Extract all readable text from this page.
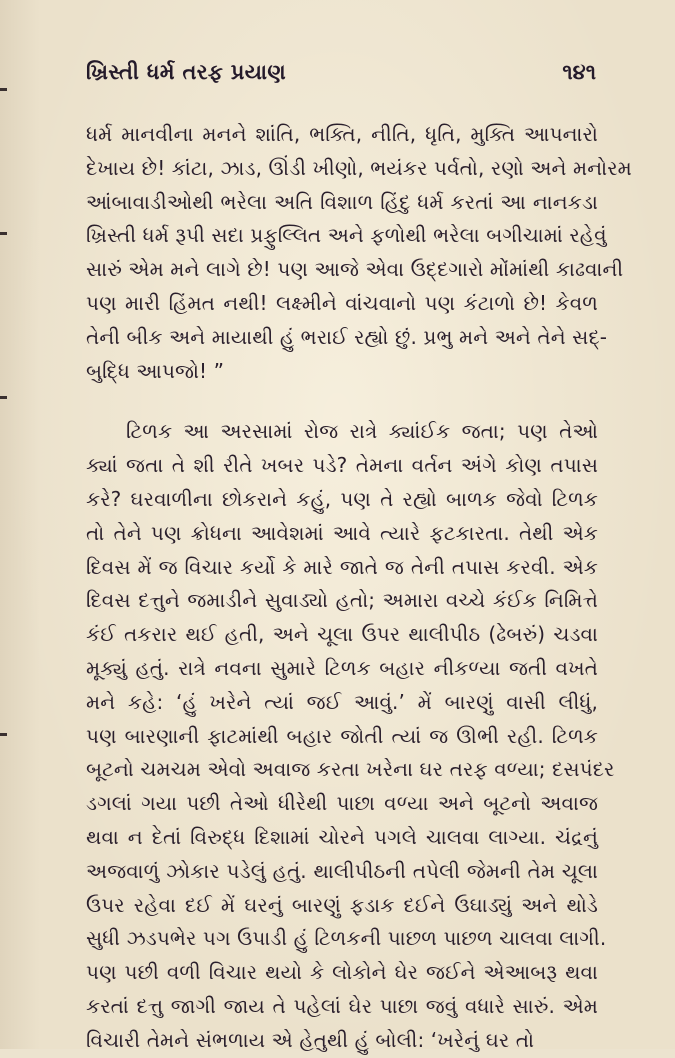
ખ્રિસ્તી ધર્મ તરફ પ્રયાણ	૧૪૧
ધર્મ માનવીના મનને શાંતિ, ભક્તિ, નીતિ, ધૃતિ, મુક્તિ આપનારો
દેખાય છે! કાંટા, ઝાડ, ઊંડી ખીણો, ભયંકર પર્વતો, રણો અને મનોરમ
આંબાવાડીઓથી ભરેલા અતિ વિશાળ હિંદુ ધર્મ કરતાં આ નાનકડા
ખ્રિસ્તી ધર્મ રૂપી સદા પ્રફુલ્લિત અને ફળોથી ભરેલા બગીચામાં રહેવું
સારું એમ મને લાગે છે! પણ આજે એવા ઉદ્દગારો મોંમાંથી કાઢવાની
પણ મારી હિંમત નથી! લક્ષ્મીને વાંચવાનો પણ કંટાળો છે! કેવળ
તેની બીક અને માયાથી હું ભરાઈ રહ્યો છું. પ્રભુ મને અને તેને સદ્-
બુદ્ધિ આપજો! ”
ટિળક આ અરસામાં રોજ રાત્રે ક્યાંઈક જતા; પણ તેઓ
ક્યાં જતા તે શી રીતે ખબર પડે? તેમના વર્તન અંગે કોણ તપાસ
કરે? ઘરવાળીના છોકરાને કહું, પણ તે રહ્યો બાળક જેવો ટિળક
તો તેને પણ ક્રોધના આવેશમાં આવે ત્યારે ફટકારતા. તેથી એક
દિવસ મેં જ વિચાર કર્યો કે મારે જાતે જ તેની તપાસ કરવી. એક
દિવસ દત્તુને જમાડીને સુવાડ્યો હતો; અમારા વચ્ચે કંઈક નિમિત્તે
કંઈ તકરાર થઈ હતી, અને ચૂલા ઉપર થાલીપીઠ (ઢેબરું) ચડવા
મૂક્યું હતું. રાત્રે નવના સુમારે ટિળક બહાર નીકળ્યા જતી વખતે
મને કહે: ‘હું ખરેને ત્યાં જઈ આવું.’ મેં બારણું વાસી લીધું,
પણ બારણાની ફાટમાંથી બહાર જોતી ત્યાં જ ઊભી રહી. ટિળક
બૂટનો ચમચમ એવો અવાજ કરતા ખરેના ઘર તરફ વળ્યા; દસપંદર
ડગલાં ગયા પછી તેઓ ધીરેથી પાછા વળ્યા અને બૂટનો અવાજ
થવા ન દેતાં વિરુદ્ધ દિશામાં ચોરને પગલે ચાલવા લાગ્યા. ચંદ્રનું
અજવાળું ઝોકાર પડેલું હતું. થાલીપીઠની તપેલી જેમની તેમ ચૂલા
ઉપર રહેવા દઈ મેં ઘરનું બારણું ફડાક દઈને ઉઘાડ્યું અને થોડે
સુધી ઝડપભેર પગ ઉપાડી હું ટિળકની પાછળ પાછળ ચાલવા લાગી.
પણ પછી વળી વિચાર થયો કે લોકોને ઘેર જઈને એઆબરૂ થવા
કરતાં દત્તુ જાગી જાય તે પહેલાં ઘેર પાછા જવું વધારે સારું. એમ
વિચારી તેમને સંભળાય એ હેતુથી હું બોલી: ‘ખરેનું ઘર તો
